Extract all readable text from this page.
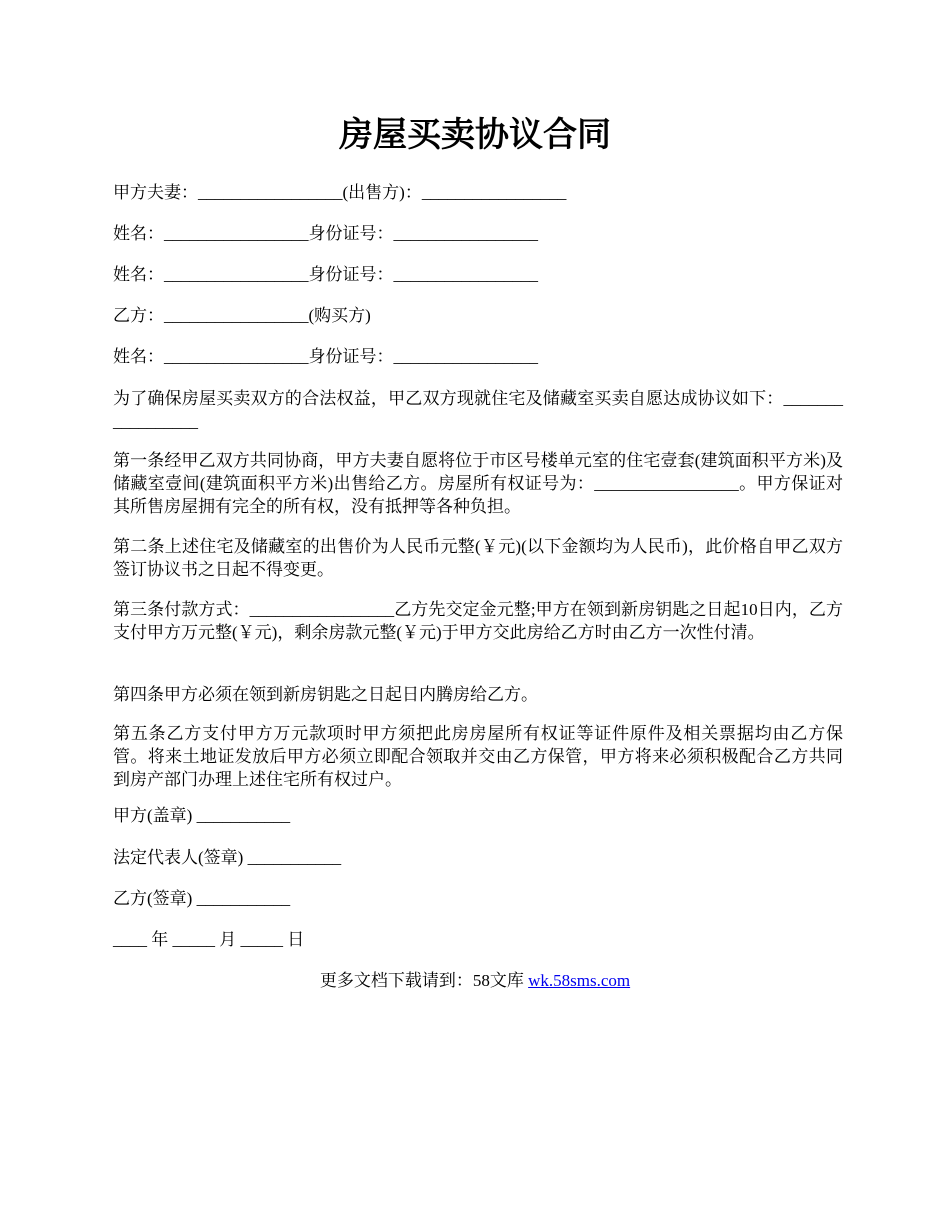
房屋买卖协议合同

甲方夫妻：_________________(出售方)：_________________

姓名：_________________身份证号：_________________

姓名：_________________身份证号：_________________

乙方：_________________(购买方)

姓名：_________________身份证号：_________________

为了确保房屋买卖双方的合法权益，甲乙双方现就住宅及储藏室买卖自愿达成协议如下：_________________

第一条经甲乙双方共同协商，甲方夫妻自愿将位于市区号楼单元室的住宅壹套(建筑面积平方米)及储藏室壹间(建筑面积平方米)出售给乙方。房屋所有权证号为：_________________。甲方保证对其所售房屋拥有完全的所有权，没有抵押等各种负担。

第二条上述住宅及储藏室的出售价为人民币元整(￥元)(以下金额均为人民币)，此价格自甲乙双方签订协议书之日起不得变更。

第三条付款方式：_________________乙方先交定金元整;甲方在领到新房钥匙之日起10日内，乙方支付甲方万元整(￥元)，剩余房款元整(￥元)于甲方交此房给乙方时由乙方一次性付清。

第四条甲方必须在领到新房钥匙之日起日内腾房给乙方。

第五条乙方支付甲方万元款项时甲方须把此房房屋所有权证等证件原件及相关票据均由乙方保管。将来土地证发放后甲方必须立即配合领取并交由乙方保管，甲方将来必须积极配合乙方共同到房产部门办理上述住宅所有权过户。

甲方(盖章) ___________

法定代表人(签章) ___________

乙方(签章) ___________

____ 年 _____ 月 _____ 日

更多文档下载请到：58文库 wk.58sms.com
